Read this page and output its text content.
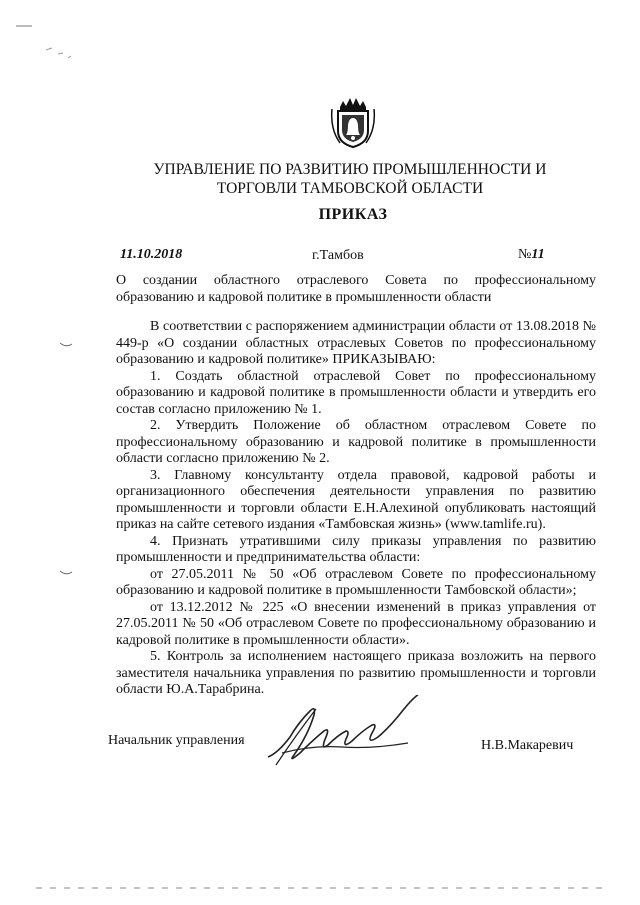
УПРАВЛЕНИЕ ПО РАЗВИТИЮ ПРОМЫШЛЕННОСТИ И
ТОРГОВЛИ ТАМБОВСКОЙ ОБЛАСТИ
ПРИКАЗ
11.10.2018	г.Тамбов	№11
О создании областного отраслевого Совета по профессиональному образованию и кадровой политике в промышленности области

В соответствии с распоряжением администрации области от 13.08.2018 № 449-р «О создании областных отраслевых Советов по профессиональному образованию и кадровой политике» ПРИКАЗЫВАЮ:

1. Создать областной отраслевой Совет по профессиональному образованию и кадровой политике в промышленности области и утвердить его состав согласно приложению № 1.

2. Утвердить Положение об областном отраслевом Совете по профессиональному образованию и кадровой политике в промышленности области согласно приложению № 2.

3. Главному консультанту отдела правовой, кадровой работы и организационного обеспечения деятельности управления по развитию промышленности и торговли области Е.Н.Алехиной опубликовать настоящий приказ на сайте сетевого издания «Тамбовская жизнь» (www.tamlife.ru).

4. Признать утратившими силу приказы управления по развитию промышленности и предпринимательства области:

от 27.05.2011 № 50 «Об отраслевом Совете по профессиональному образованию и кадровой политике в промышленности Тамбовской области»;

от 13.12.2012 № 225 «О внесении изменений в приказ управления от 27.05.2011 № 50 «Об отраслевом Совете по профессиональному образованию и кадровой политике в промышленности области».

5. Контроль за исполнением настоящего приказа возложить на первого заместителя начальника управления по развитию промышленности и торговли области Ю.А.Тарабрина.

Начальник управления	Н.В.Макаревич
